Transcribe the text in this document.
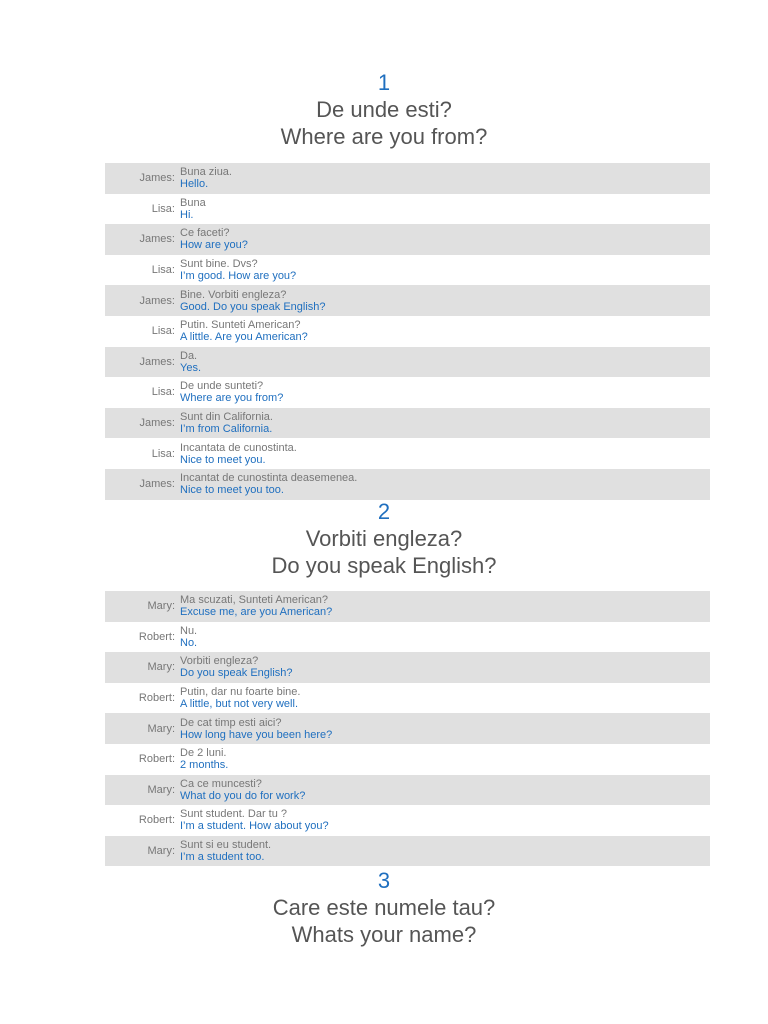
1
De unde esti?
Where are you from?
James: Buna ziua.
Hello.
Lisa: Buna
Hi.
James: Ce faceti?
How are you?
Lisa: Sunt bine. Dvs?
I’m good. How are you?
James: Bine. Vorbiti engleza?
Good. Do you speak English?
Lisa: Putin. Sunteti American?
A little. Are you American?
James: Da.
Yes.
Lisa: De unde sunteti?
Where are you from?
James: Sunt din California.
I’m from California.
Lisa: Incantata de cunostinta.
Nice to meet you.
James: Incantat de cunostinta deasemenea.
Nice to meet you too.
2
Vorbiti engleza?
Do you speak English?
Mary: Ma scuzati, Sunteti American?
Excuse me, are you American?
Robert: Nu.
No.
Mary: Vorbiti engleza?
Do you speak English?
Robert: Putin, dar nu foarte bine.
A little, but not very well.
Mary: De cat timp esti aici?
How long have you been here?
Robert: De 2 luni.
2 months.
Mary: Ca ce muncesti?
What do you do for work?
Robert: Sunt student. Dar tu ?
I’m a student. How about you?
Mary: Sunt si eu student.
I’m a student too.
3
Care este numele tau?
Whats your name?
